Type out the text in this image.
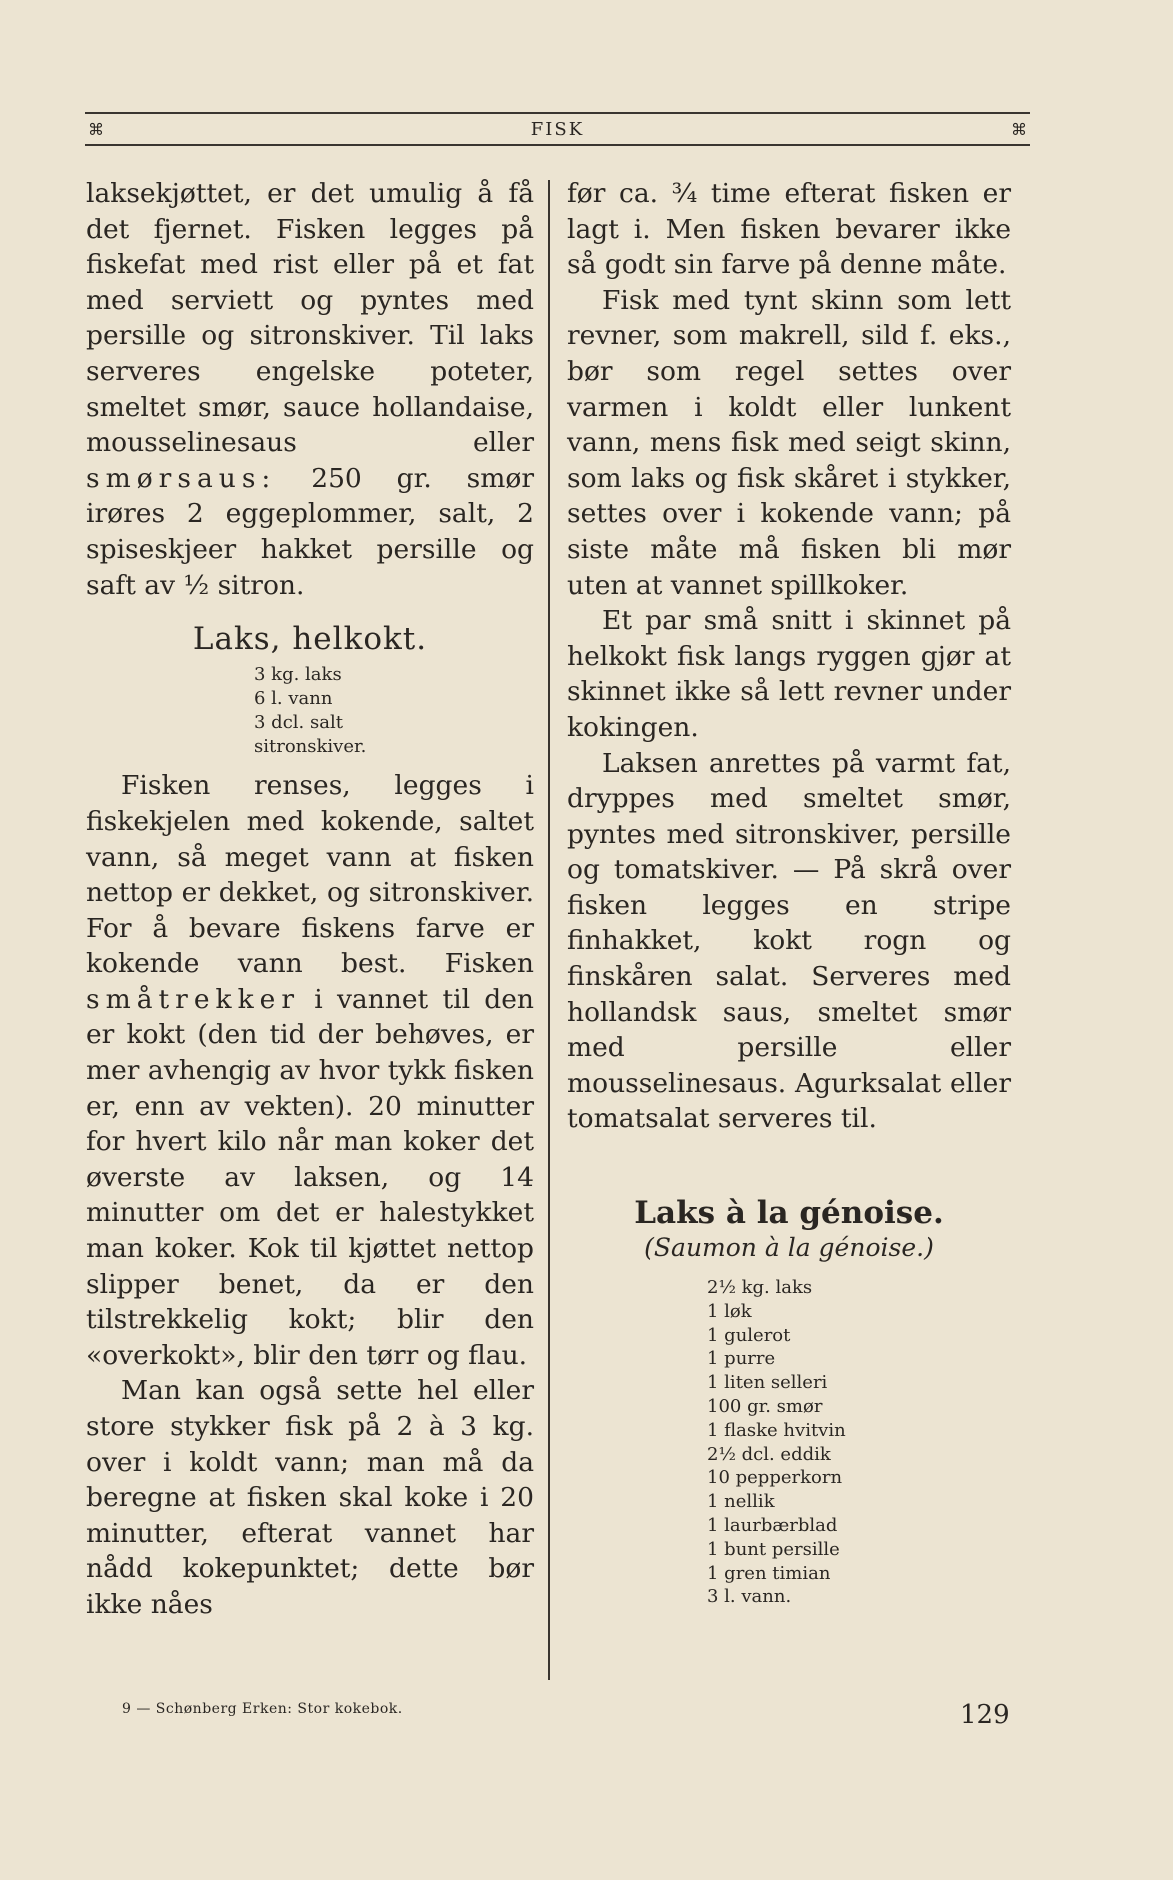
⌘	FISK	⌘

laksekjøttet, er det umulig å få det fjernet. Fisken legges på fiskefat med rist eller på et fat med serviett og pyntes med persille og sitronskiver. Til laks serveres engelske poteter, smeltet smør, sauce hollandaise, mousselinesaus eller smørsaus: 250 gr. smør irøres 2 eggeplommer, salt, 2 spiseskjeer hakket persille og saft av ½ sitron.

Laks, helkokt.
3 kg. laks
6 l. vann
3 dcl. salt
sitronskiver.

Fisken renses, legges i fiskekjelen med kokende, saltet vann, så meget vann at fisken nettop er dekket, og sitronskiver. For å bevare fiskens farve er kokende vann best. Fisken småtrekker i vannet til den er kokt (den tid der behøves, er mer avhengig av hvor tykk fisken er, enn av vekten). 20 minutter for hvert kilo når man koker det øverste av laksen, og 14 minutter om det er halestykket man koker. Kok til kjøttet nettop slipper benet, da er den tilstrekkelig kokt; blir den «overkokt», blir den tørr og flau.

Man kan også sette hel eller store stykker fisk på 2 à 3 kg. over i koldt vann; man må da beregne at fisken skal koke i 20 minutter, efterat vannet har nådd kokepunktet; dette bør ikke nåes

før ca. ¾ time efterat fisken er lagt i. Men fisken bevarer ikke så godt sin farve på denne måte.

Fisk med tynt skinn som lett revner, som makrell, sild f. eks., bør som regel settes over varmen i koldt eller lunkent vann, mens fisk med seigt skinn, som laks og fisk skåret i stykker, settes over i kokende vann; på siste måte må fisken bli mør uten at vannet spillkoker.

Et par små snitt i skinnet på helkokt fisk langs ryggen gjør at skinnet ikke så lett revner under kokingen.

Laksen anrettes på varmt fat, dryppes med smeltet smør, pyntes med sitronskiver, persille og tomatskiver. — På skrå over fisken legges en stripe finhakket, kokt rogn og finskåren salat. Serveres med hollandsk saus, smeltet smør med persille eller mousselinesaus. Agurksalat eller tomatsalat serveres til.

Laks à la génoise.
(Saumon à la génoise.)
2½ kg. laks
1 løk
1 gulerot
1 purre
1 liten selleri
100 gr. smør
1 flaske hvitvin
2½ dcl. eddik
10 pepperkorn
1 nellik
1 laurbærblad
1 bunt persille
1 gren timian
3 l. vann.
9 — Schønberg Erken: Stor kokebok.	129
